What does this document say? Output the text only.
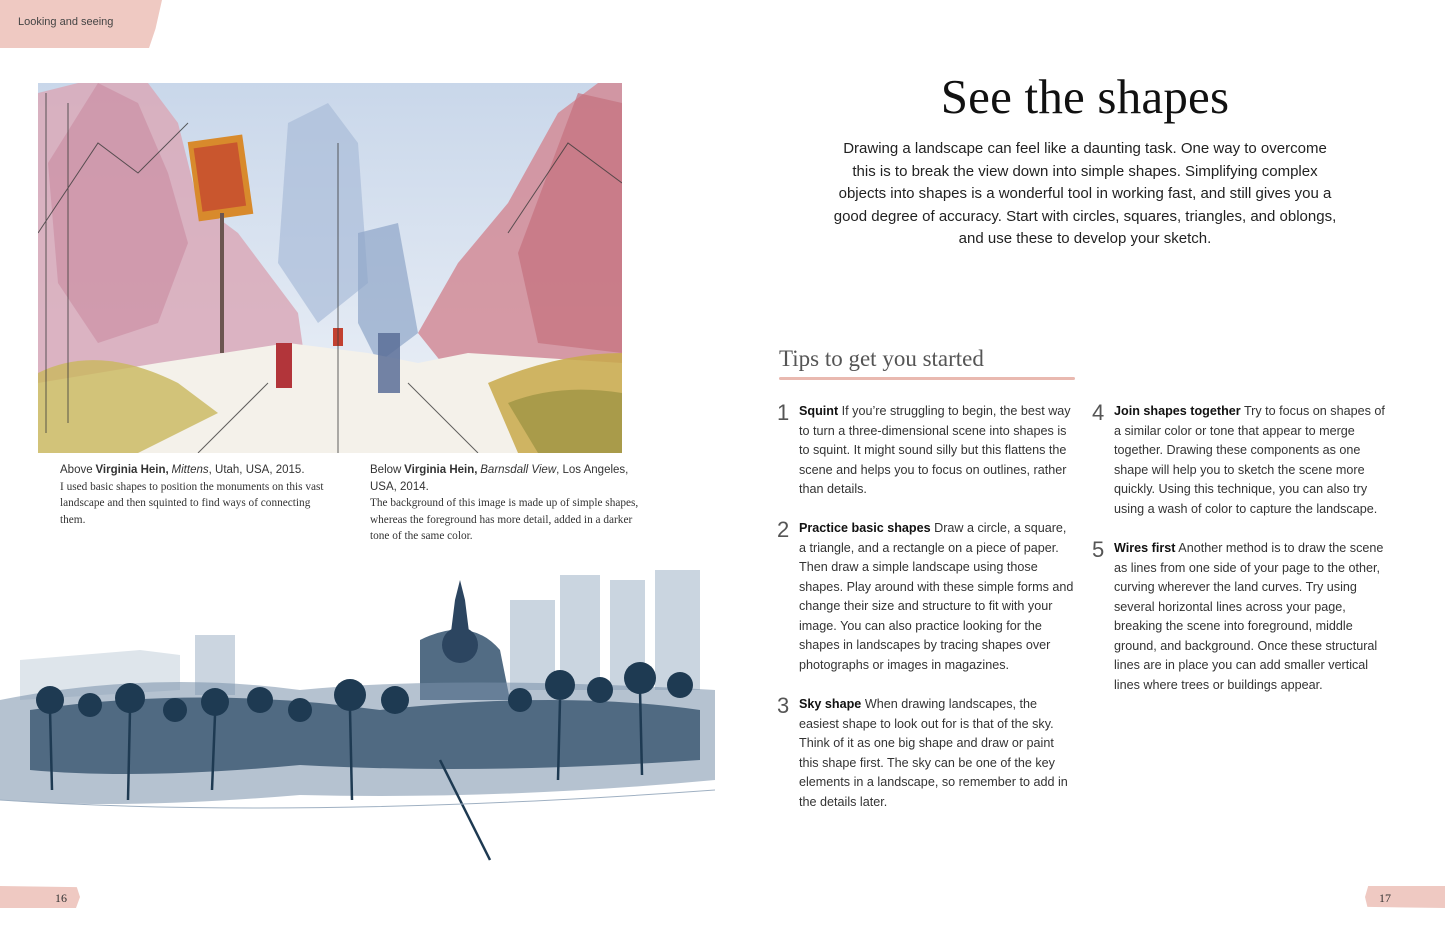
Looking and seeing
Above Virginia Hein, Mittens, Utah, USA, 2015.
I used basic shapes to position the monuments on this vast landscape and then squinted to find ways of connecting them.
Below Virginia Hein, Barnsdall View, Los Angeles, USA, 2014.
The background of this image is made up of simple shapes, whereas the foreground has more detail, added in a darker tone of the same color.
See the shapes
Drawing a landscape can feel like a daunting task. One way to overcome this is to break the view down into simple shapes. Simplifying complex objects into shapes is a wonderful tool in working fast, and still gives you a good degree of accuracy. Start with circles, squares, triangles, and oblongs, and use these to develop your sketch.
Tips to get you started
1 Squint If you’re struggling to begin, the best way to turn a three-dimensional scene into shapes is to squint. It might sound silly but this flattens the scene and helps you to focus on outlines, rather than details.
2 Practice basic shapes Draw a circle, a square, a triangle, and a rectangle on a piece of paper. Then draw a simple landscape using those shapes. Play around with these simple forms and change their size and structure to fit with your image. You can also practice looking for the shapes in landscapes by tracing shapes over photographs or images in magazines.
3 Sky shape When drawing landscapes, the easiest shape to look out for is that of the sky. Think of it as one big shape and draw or paint this shape first. The sky can be one of the key elements in a landscape, so remember to add in the details later.
4 Join shapes together Try to focus on shapes of a similar color or tone that appear to merge together. Drawing these components as one shape will help you to sketch the scene more quickly. Using this technique, you can also try using a wash of color to capture the landscape.
5 Wires first Another method is to draw the scene as lines from one side of your page to the other, curving wherever the land curves. Try using several horizontal lines across your page, breaking the scene into foreground, middle ground, and background. Once these structural lines are in place you can add smaller vertical lines where trees or buildings appear.
16	17
